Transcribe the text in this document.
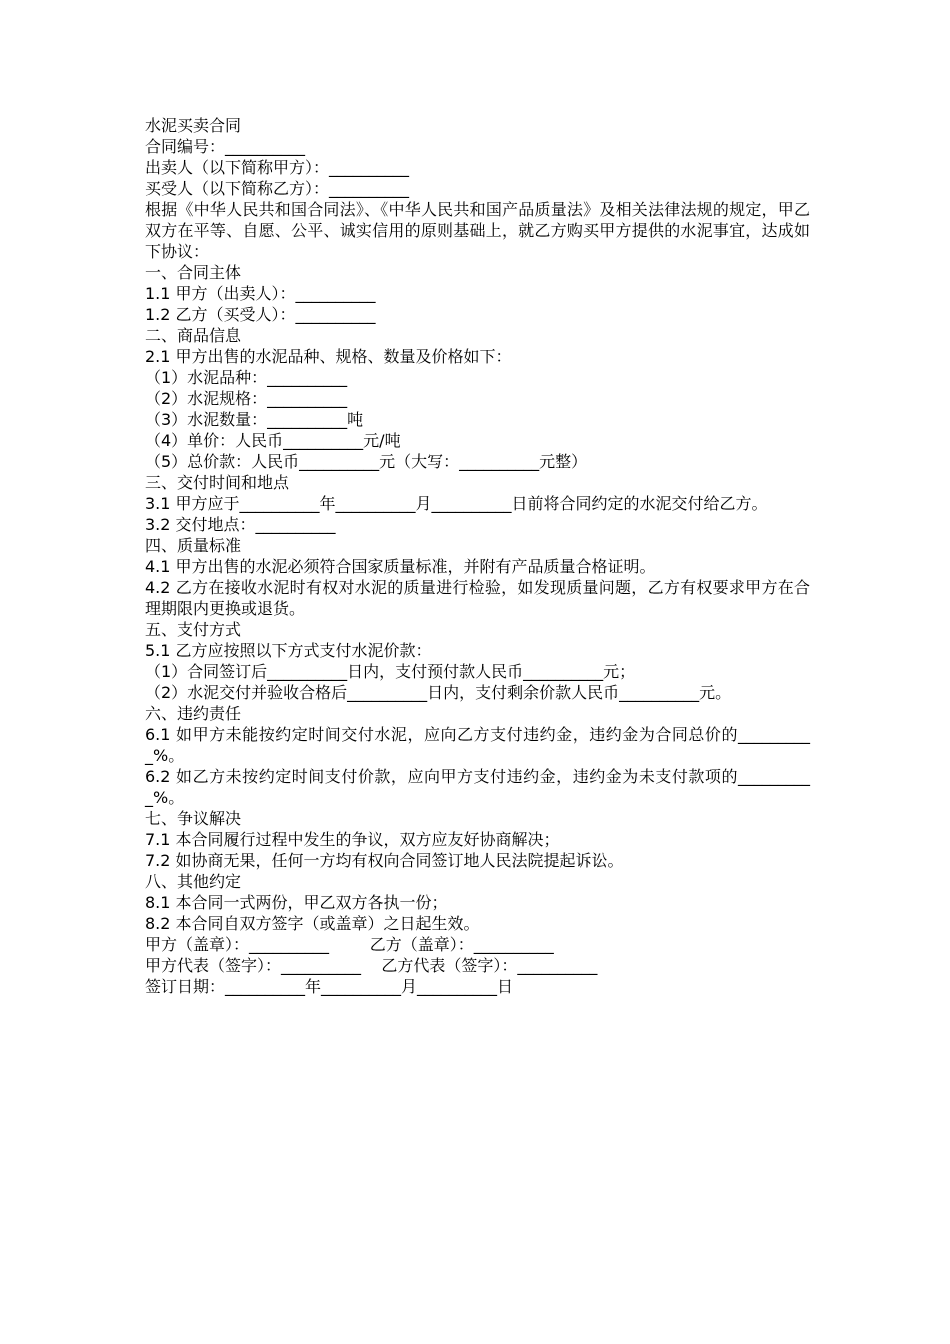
水泥买卖合同

合同编号：__________

出卖人（以下简称甲方）：__________

买受人（以下简称乙方）：__________

根据《中华人民共和国合同法》、《中华人民共和国产品质量法》及相关法律法规的规定，甲乙双方在平等、自愿、公平、诚实信用的原则基础上，就乙方购买甲方提供的水泥事宜，达成如下协议：

一、合同主体

1.1 甲方（出卖人）：__________

1.2 乙方（买受人）：__________

二、商品信息

2.1 甲方出售的水泥品种、规格、数量及价格如下：

（1）水泥品种：__________

（2）水泥规格：__________

（3）水泥数量：__________吨

（4）单价：人民币__________元/吨

（5）总价款：人民币__________元（大写：__________元整）

三、交付时间和地点

3.1 甲方应于__________年__________月__________日前将合同约定的水泥交付给乙方。

3.2 交付地点：__________

四、质量标准

4.1 甲方出售的水泥必须符合国家质量标准，并附有产品质量合格证明。

4.2 乙方在接收水泥时有权对水泥的质量进行检验，如发现质量问题，乙方有权要求甲方在合理期限内更换或退货。

五、支付方式

5.1 乙方应按照以下方式支付水泥价款：

（1）合同签订后__________日内，支付预付款人民币__________元；

（2）水泥交付并验收合格后__________日内，支付剩余价款人民币__________元。

六、违约责任

6.1 如甲方未能按约定时间交付水泥，应向乙方支付违约金，违约金为合同总价的__________%。

6.2 如乙方未按约定时间支付价款，应向甲方支付违约金，违约金为未支付款项的__________%。

七、争议解决

7.1 本合同履行过程中发生的争议，双方应友好协商解决；

7.2 如协商无果，任何一方均有权向合同签订地人民法院提起诉讼。

八、其他约定

8.1 本合同一式两份，甲乙双方各执一份；

8.2 本合同自双方签字（或盖章）之日起生效。

甲方（盖章）：__________        乙方（盖章）：__________

甲方代表（签字）：__________    乙方代表（签字）：__________

签订日期：__________年__________月__________日
